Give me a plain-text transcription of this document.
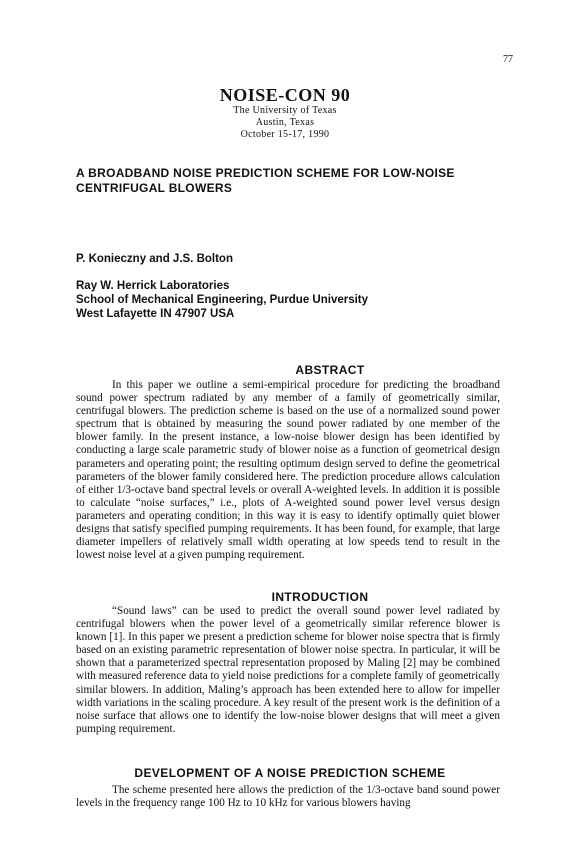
77
NOISE-CON 90
The University of Texas
Austin, Texas
October 15-17, 1990
A BROADBAND NOISE PREDICTION SCHEME FOR LOW-NOISE CENTRIFUGAL BLOWERS
P. Konieczny and J.S. Bolton
Ray W. Herrick Laboratories
School of Mechanical Engineering, Purdue University
West Lafayette IN 47907 USA
ABSTRACT

In this paper we outline a semi-empirical procedure for predicting the broadband sound power spectrum radiated by any member of a family of geometrically similar, centrifugal blowers. The prediction scheme is based on the use of a normalized sound power spectrum that is obtained by measuring the sound power radiated by one member of the blower family. In the present instance, a low-noise blower design has been identified by conducting a large scale parametric study of blower noise as a function of geometrical design parameters and operating point; the resulting optimum design served to define the geometrical parameters of the blower family considered here. The prediction procedure allows calculation of either 1/3-octave band spectral levels or overall A-weighted levels. In addition it is possible to calculate “noise surfaces,” i.e., plots of A-weighted sound power level versus design parameters and operating condition; in this way it is easy to identify optimally quiet blower designs that satisfy specified pumping requirements. It has been found, for example, that large diameter impellers of relatively small width operating at low speeds tend to result in the lowest noise level at a given pumping requirement.

INTRODUCTION

“Sound laws” can be used to predict the overall sound power level radiated by centrifugal blowers when the power level of a geometrically similar reference blower is known [1]. In this paper we present a prediction scheme for blower noise spectra that is firmly based on an existing parametric representation of blower noise spectra. In particular, it will be shown that a parameterized spectral representation proposed by Maling [2] may be combined with measured reference data to yield noise predictions for a complete family of geometrically similar blowers. In addition, Maling’s approach has been extended here to allow for impeller width variations in the scaling procedure. A key result of the present work is the definition of a noise surface that allows one to identify the low-noise blower designs that will meet a given pumping requirement.

DEVELOPMENT OF A NOISE PREDICTION SCHEME

The scheme presented here allows the prediction of the 1/3-octave band sound power levels in the frequency range 100 Hz to 10 kHz for various blowers having
